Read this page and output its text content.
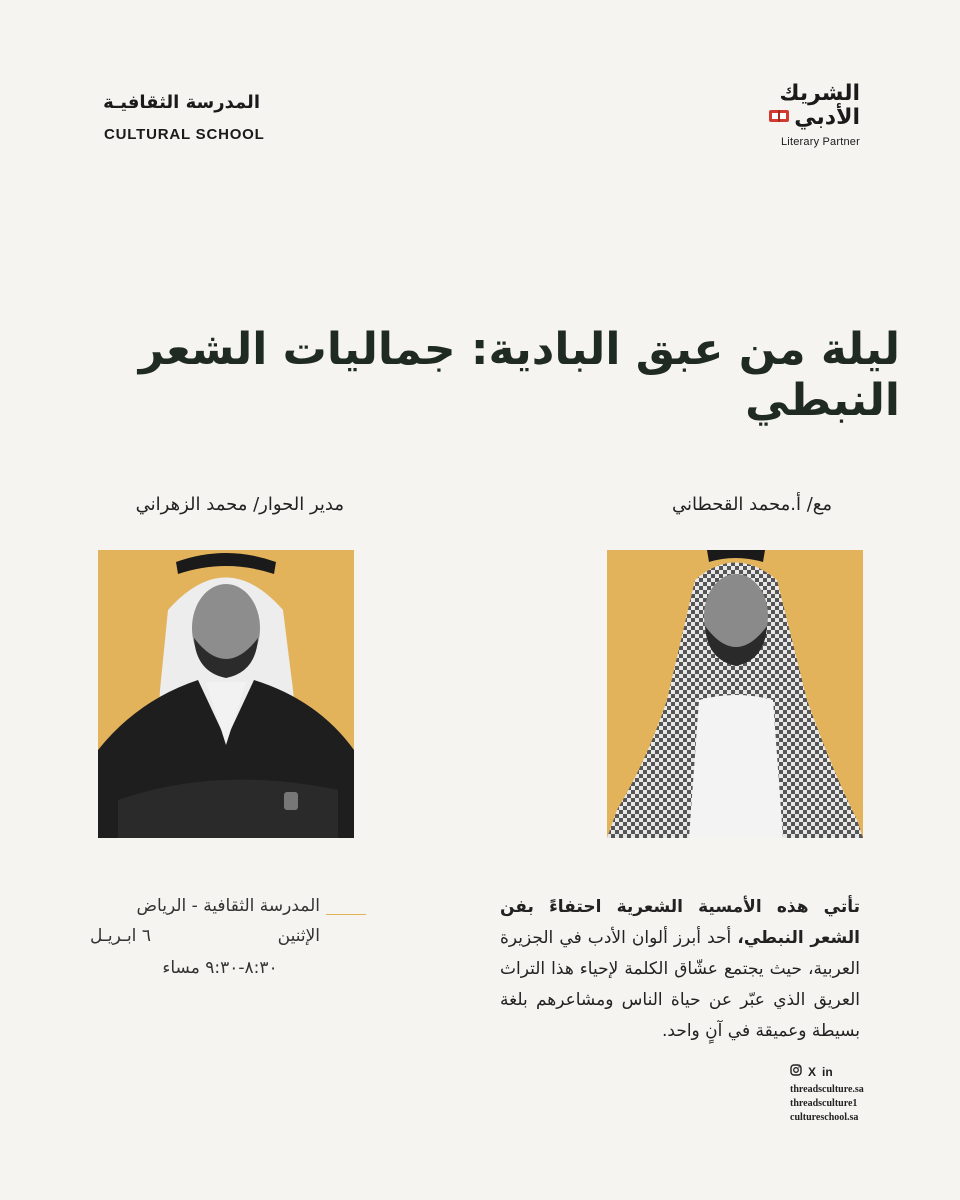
المدرسة الثقافيـة
CULTURAL SCHOOL
الشريك
الأدبي
Literary Partner
ليلة من عبق البادية: جماليات الشعر النبطي
مدير الحوار/ محمد الزهراني	مع/ أ.محمد القحطاني
المدرسة الثقافية - الرياض
الإثنين
٦ ابـريـل
٨:٣٠-٩:٣٠ مساء
تأتي هذه الأمسية الشعرية احتفاءً بفن الشعر النبطي، أحد أبرز ألوان الأدب في الجزيرة العربية، حيث يجتمع عشّاق الكلمة لإحياء هذا التراث العريق الذي عبّر عن حياة الناس ومشاعرهم بلغة بسيطة وعميقة في آنٍ واحد.
X in
threadsculture.sa
threadsculture1
cultureschool.sa
